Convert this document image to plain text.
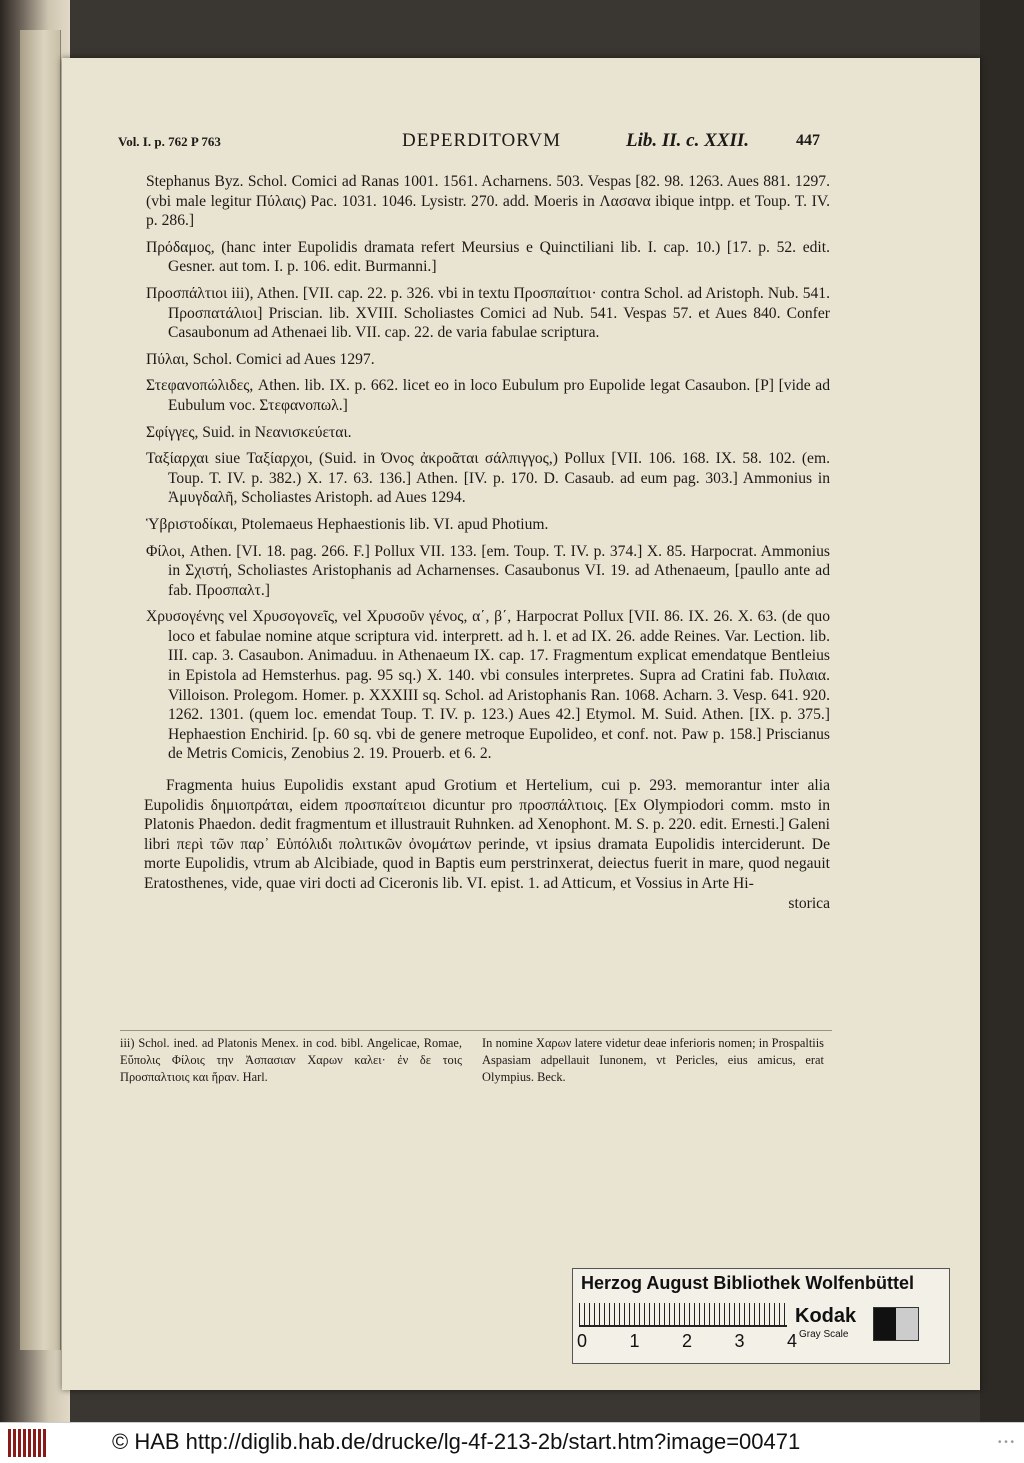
Vol. I. p. 762 P 763	DEPERDITORVM	Lib. II. c. XXII.	447

Stephanus Byz. Schol. Comici ad Ranas 1001. 1561. Acharnens. 503. Vespas [82. 98. 1263. Aues 881. 1297. (vbi male legitur Πύλαις) Pac. 1031. 1046. Lysistr. 270. add. Moeris in Λασανα ibique intpp. et Toup. T. IV. p. 286.]

Πρόδαμος, (hanc inter Eupolidis dramata refert Meursius e Quinctiliani lib. I. cap. 10.) [17. p. 52. edit. Gesner. aut tom. I. p. 106. edit. Burmanni.]

Προσπάλτιοι iii), Athen. [VII. cap. 22. p. 326. vbi in textu Προσπαίτιοι· contra Schol. ad Aristoph. Nub. 541. Προσπατάλιοι] Priscian. lib. XVIII. Scholiastes Comici ad Nub. 541. Vespas 57. et Aues 840. Confer Casaubonum ad Athenaei lib. VII. cap. 22. de varia fabulae scriptura.

Πύλαι, Schol. Comici ad Aues 1297.

Στεφανοπώλιδες, Athen. lib. IX. p. 662. licet eo in loco Eubulum pro Eupolide legat Casaubon. [P] [vide ad Eubulum voc. Στεφανοπωλ.]

Σφίγγες, Suid. in Νεανισκεύεται.

Ταξίαρχαι siue Ταξίαρχοι, (Suid. in Όνος ἀκροᾶται σάλπιγγος,) Pollux [VII. 106. 168. IX. 58. 102. (em. Toup. T. IV. p. 382.) X. 17. 63. 136.] Athen. [IV. p. 170. D. Casaub. ad eum pag. 303.] Ammonius in Ἀμυγδαλῆ, Scholiastes Aristoph. ad Aues 1294.

Ὑβριστοδίκαι, Ptolemaeus Hephaestionis lib. VI. apud Photium.

Φίλοι, Athen. [VI. 18. pag. 266. F.] Pollux VII. 133. [em. Toup. T. IV. p. 374.] X. 85. Harpocrat. Ammonius in Σχιστή, Scholiastes Aristophanis ad Acharnenses. Casaubonus VI. 19. ad Athenaeum, [paullo ante ad fab. Προσπαλτ.]

Χρυσογένης vel Χρυσογονεῖς, vel Χρυσοῦν γένος, α΄, β΄, Harpocrat Pollux [VII. 86. IX. 26. X. 63. (de quo loco et fabulae nomine atque scriptura vid. interprett. ad h. l. et ad IX. 26. adde Reines. Var. Lection. lib. III. cap. 3. Casaubon. Animaduu. in Athenaeum IX. cap. 17. Fragmentum explicat emendatque Bentleius in Epistola ad Hemsterhus. pag. 95 sq.) X. 140. vbi consules interpretes. Supra ad Cratini fab. Πυλαια. Villoison. Prolegom. Homer. p. XXXIII sq. Schol. ad Aristophanis Ran. 1068. Acharn. 3. Vesp. 641. 920. 1262. 1301. (quem loc. emendat Toup. T. IV. p. 123.) Aues 42.] Etymol. M. Suid. Athen. [IX. p. 375.] Hephaestion Enchirid. [p. 60 sq. vbi de genere metroque Eupolideo, et conf. not. Paw p. 158.] Priscianus de Metris Comicis, Zenobius 2. 19. Prouerb. et 6. 2.

Fragmenta huius Eupolidis exstant apud Grotium et Hertelium, cui p. 293. memorantur inter alia Eupolidis δημιοπράται, eidem προσπαίτειοι dicuntur pro προσπάλτιοις. [Ex Olympiodori comm. msto in Platonis Phaedon. dedit fragmentum et illustrauit Ruhnken. ad Xenophont. M. S. p. 220. edit. Ernesti.] Galeni libri περὶ τῶν παρ᾽ Εὐπόλιδι πολιτικῶν ὀνομάτων perinde, vt ipsius dramata Eupolidis interciderunt. De morte Eupolidis, vtrum ab Alcibiade, quod in Baptis eum perstrinxerat, deiectus fuerit in mare, quod negauit Eratosthenes, vide, quae viri docti ad Ciceronis lib. VI. epist. 1. ad Atticum, et Vossius in Arte Hi-

storica

iii) Schol. ined. ad Platonis Menex. in cod. bibl. Angelicae, Romae, Εὔπολις Φίλοις την Ἀσπασιαν Χαρων καλει· ἐν δε τοις Προσπαλτιοις και ἥραν. Harl.
In nomine Χαρων latere videtur deae inferioris nomen; in Prospaltiis Aspasiam adpellauit Iunonem, vt Pericles, eius amicus, erat Olympius. Beck.
Herzog August Bibliothek Wolfenbüttel
0 1 2 3 4
Kodak
Gray Scale
© HAB http://diglib.hab.de/drucke/lg-4f-213-2b/start.htm?image=00471	• • •
